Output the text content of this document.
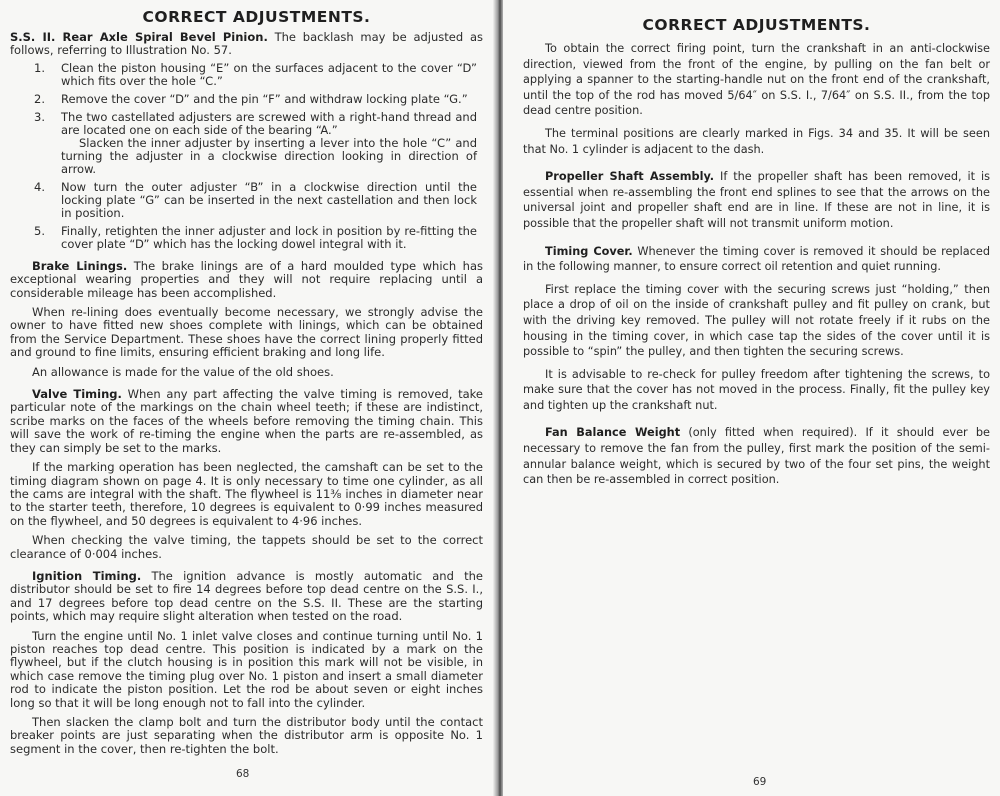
CORRECT ADJUSTMENTS.

S.S. II. Rear Axle Spiral Bevel Pinion. The backlash may be adjusted as follows, referring to Illustration No. 57.

1. Clean the piston housing “E” on the surfaces adjacent to the cover “D” which fits over the hole “C.”
2. Remove the cover “D” and the pin “F” and withdraw locking plate “G.”
3. The two castellated adjusters are screwed with a right-hand thread and are located one on each side of the bearing “A.”
Slacken the inner adjuster by inserting a lever into the hole “C” and turning the adjuster in a clockwise direction looking in direction of arrow.
4. Now turn the outer adjuster “B” in a clockwise direction until the locking plate “G” can be inserted in the next castellation and then lock in position.
5. Finally, retighten the inner adjuster and lock in position by re-fitting the cover plate “D” which has the locking dowel integral with it.

Brake Linings. The brake linings are of a hard moulded type which has exceptional wearing properties and they will not require replacing until a considerable mileage has been accomplished.

When re-lining does eventually become necessary, we strongly advise the owner to have fitted new shoes complete with linings, which can be obtained from the Service Department. These shoes have the correct lining properly fitted and ground to fine limits, ensuring efficient braking and long life.

An allowance is made for the value of the old shoes.

Valve Timing. When any part affecting the valve timing is removed, take particular note of the markings on the chain wheel teeth; if these are indistinct, scribe marks on the faces of the wheels before removing the timing chain. This will save the work of re-timing the engine when the parts are re-assembled, as they can simply be set to the marks.

If the marking operation has been neglected, the camshaft can be set to the timing diagram shown on page 4. It is only necessary to time one cylinder, as all the cams are integral with the shaft. The flywheel is 11⅜ inches in diameter near to the starter teeth, therefore, 10 degrees is equivalent to 0·99 inches measured on the flywheel, and 50 degrees is equivalent to 4·96 inches.

When checking the valve timing, the tappets should be set to the correct clearance of 0·004 inches.

Ignition Timing. The ignition advance is mostly automatic and the distributor should be set to fire 14 degrees before top dead centre on the S.S. I., and 17 degrees before top dead centre on the S.S. II. These are the starting points, which may require slight alteration when tested on the road.

Turn the engine until No. 1 inlet valve closes and continue turning until No. 1 piston reaches top dead centre. This position is indicated by a mark on the flywheel, but if the clutch housing is in position this mark will not be visible, in which case remove the timing plug over No. 1 piston and insert a small diameter rod to indicate the piston position. Let the rod be about seven or eight inches long so that it will be long enough not to fall into the cylinder.

Then slacken the clamp bolt and turn the distributor body until the contact breaker points are just separating when the distributor arm is opposite No. 1 segment in the cover, then re-tighten the bolt.

68
CORRECT ADJUSTMENTS.

To obtain the correct firing point, turn the crankshaft in an anti-clockwise direction, viewed from the front of the engine, by pulling on the fan belt or applying a spanner to the starting-handle nut on the front end of the crankshaft, until the top of the rod has moved 5/64″ on S.S. I., 7/64″ on S.S. II., from the top dead centre position.

The terminal positions are clearly marked in Figs. 34 and 35. It will be seen that No. 1 cylinder is adjacent to the dash.

Propeller Shaft Assembly. If the propeller shaft has been removed, it is essential when re-assembling the front end splines to see that the arrows on the universal joint and propeller shaft end are in line. If these are not in line, it is possible that the propeller shaft will not transmit uniform motion.

Timing Cover. Whenever the timing cover is removed it should be replaced in the following manner, to ensure correct oil retention and quiet running.

First replace the timing cover with the securing screws just “holding,” then place a drop of oil on the inside of crankshaft pulley and fit pulley on crank, but with the driving key removed. The pulley will not rotate freely if it rubs on the housing in the timing cover, in which case tap the sides of the cover until it is possible to “spin” the pulley, and then tighten the securing screws.

It is advisable to re-check for pulley freedom after tightening the screws, to make sure that the cover has not moved in the process. Finally, fit the pulley key and tighten up the crankshaft nut.

Fan Balance Weight (only fitted when required). If it should ever be necessary to remove the fan from the pulley, first mark the position of the semi-annular balance weight, which is secured by two of the four set pins, the weight can then be re-assembled in correct position.

69
